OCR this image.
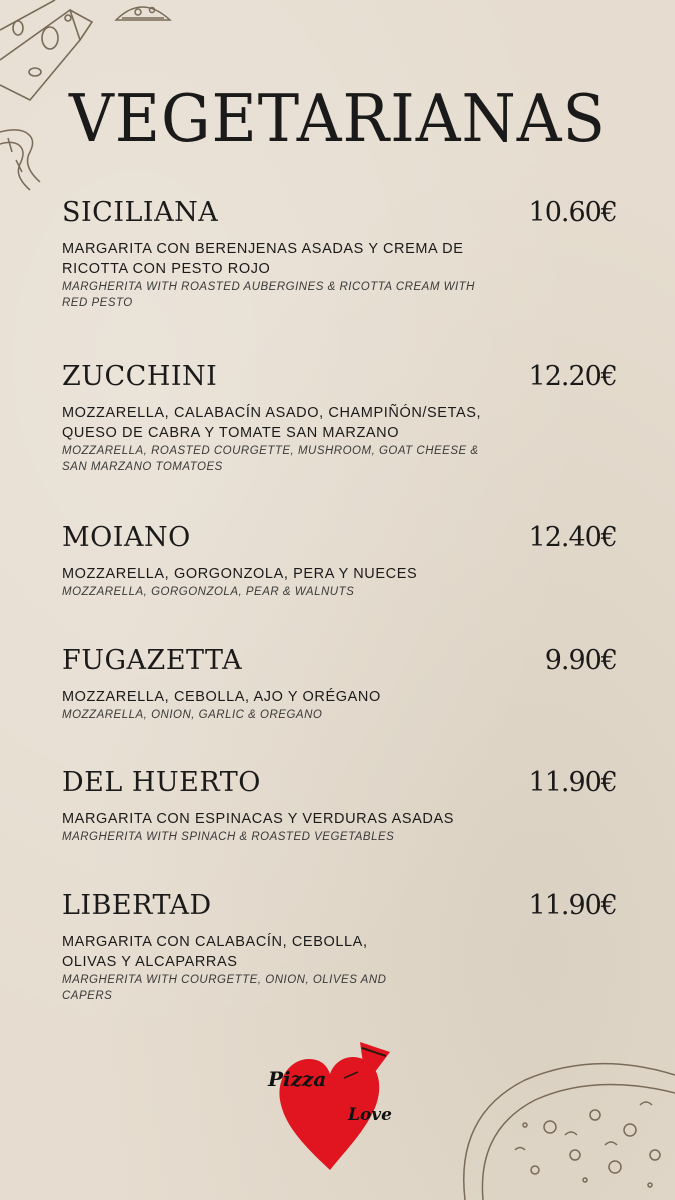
VEGETARIANAS
SICILIANA	10.60€
MARGARITA CON BERENJENAS ASADAS Y CREMA DE RICOTTA CON PESTO ROJO
MARGHERITA WITH ROASTED AUBERGINES & RICOTTA CREAM WITH RED PESTO
ZUCCHINI	12.20€
MOZZARELLA, CALABACÍN ASADO, CHAMPIÑÓN/SETAS, QUESO DE CABRA Y TOMATE SAN MARZANO
MOZZARELLA, ROASTED COURGETTE, MUSHROOM, GOAT CHEESE & SAN MARZANO TOMATOES
MOIANO	12.40€
MOZZARELLA, GORGONZOLA, PERA Y NUECES
MOZZARELLA, GORGONZOLA, PEAR & WALNUTS
FUGAZETTA	9.90€
MOZZARELLA, CEBOLLA, AJO Y ORÉGANO
MOZZARELLA, ONION, GARLIC & OREGANO
DEL HUERTO	11.90€
MARGARITA CON ESPINACAS Y VERDURAS ASADAS
MARGHERITA WITH SPINACH & ROASTED VEGETABLES
LIBERTAD	11.90€
MARGARITA CON CALABACÍN, CEBOLLA, OLIVAS Y ALCAPARRAS
MARGHERITA WITH COURGETTE, ONION, OLIVES AND CAPERS
Pizza
Love
